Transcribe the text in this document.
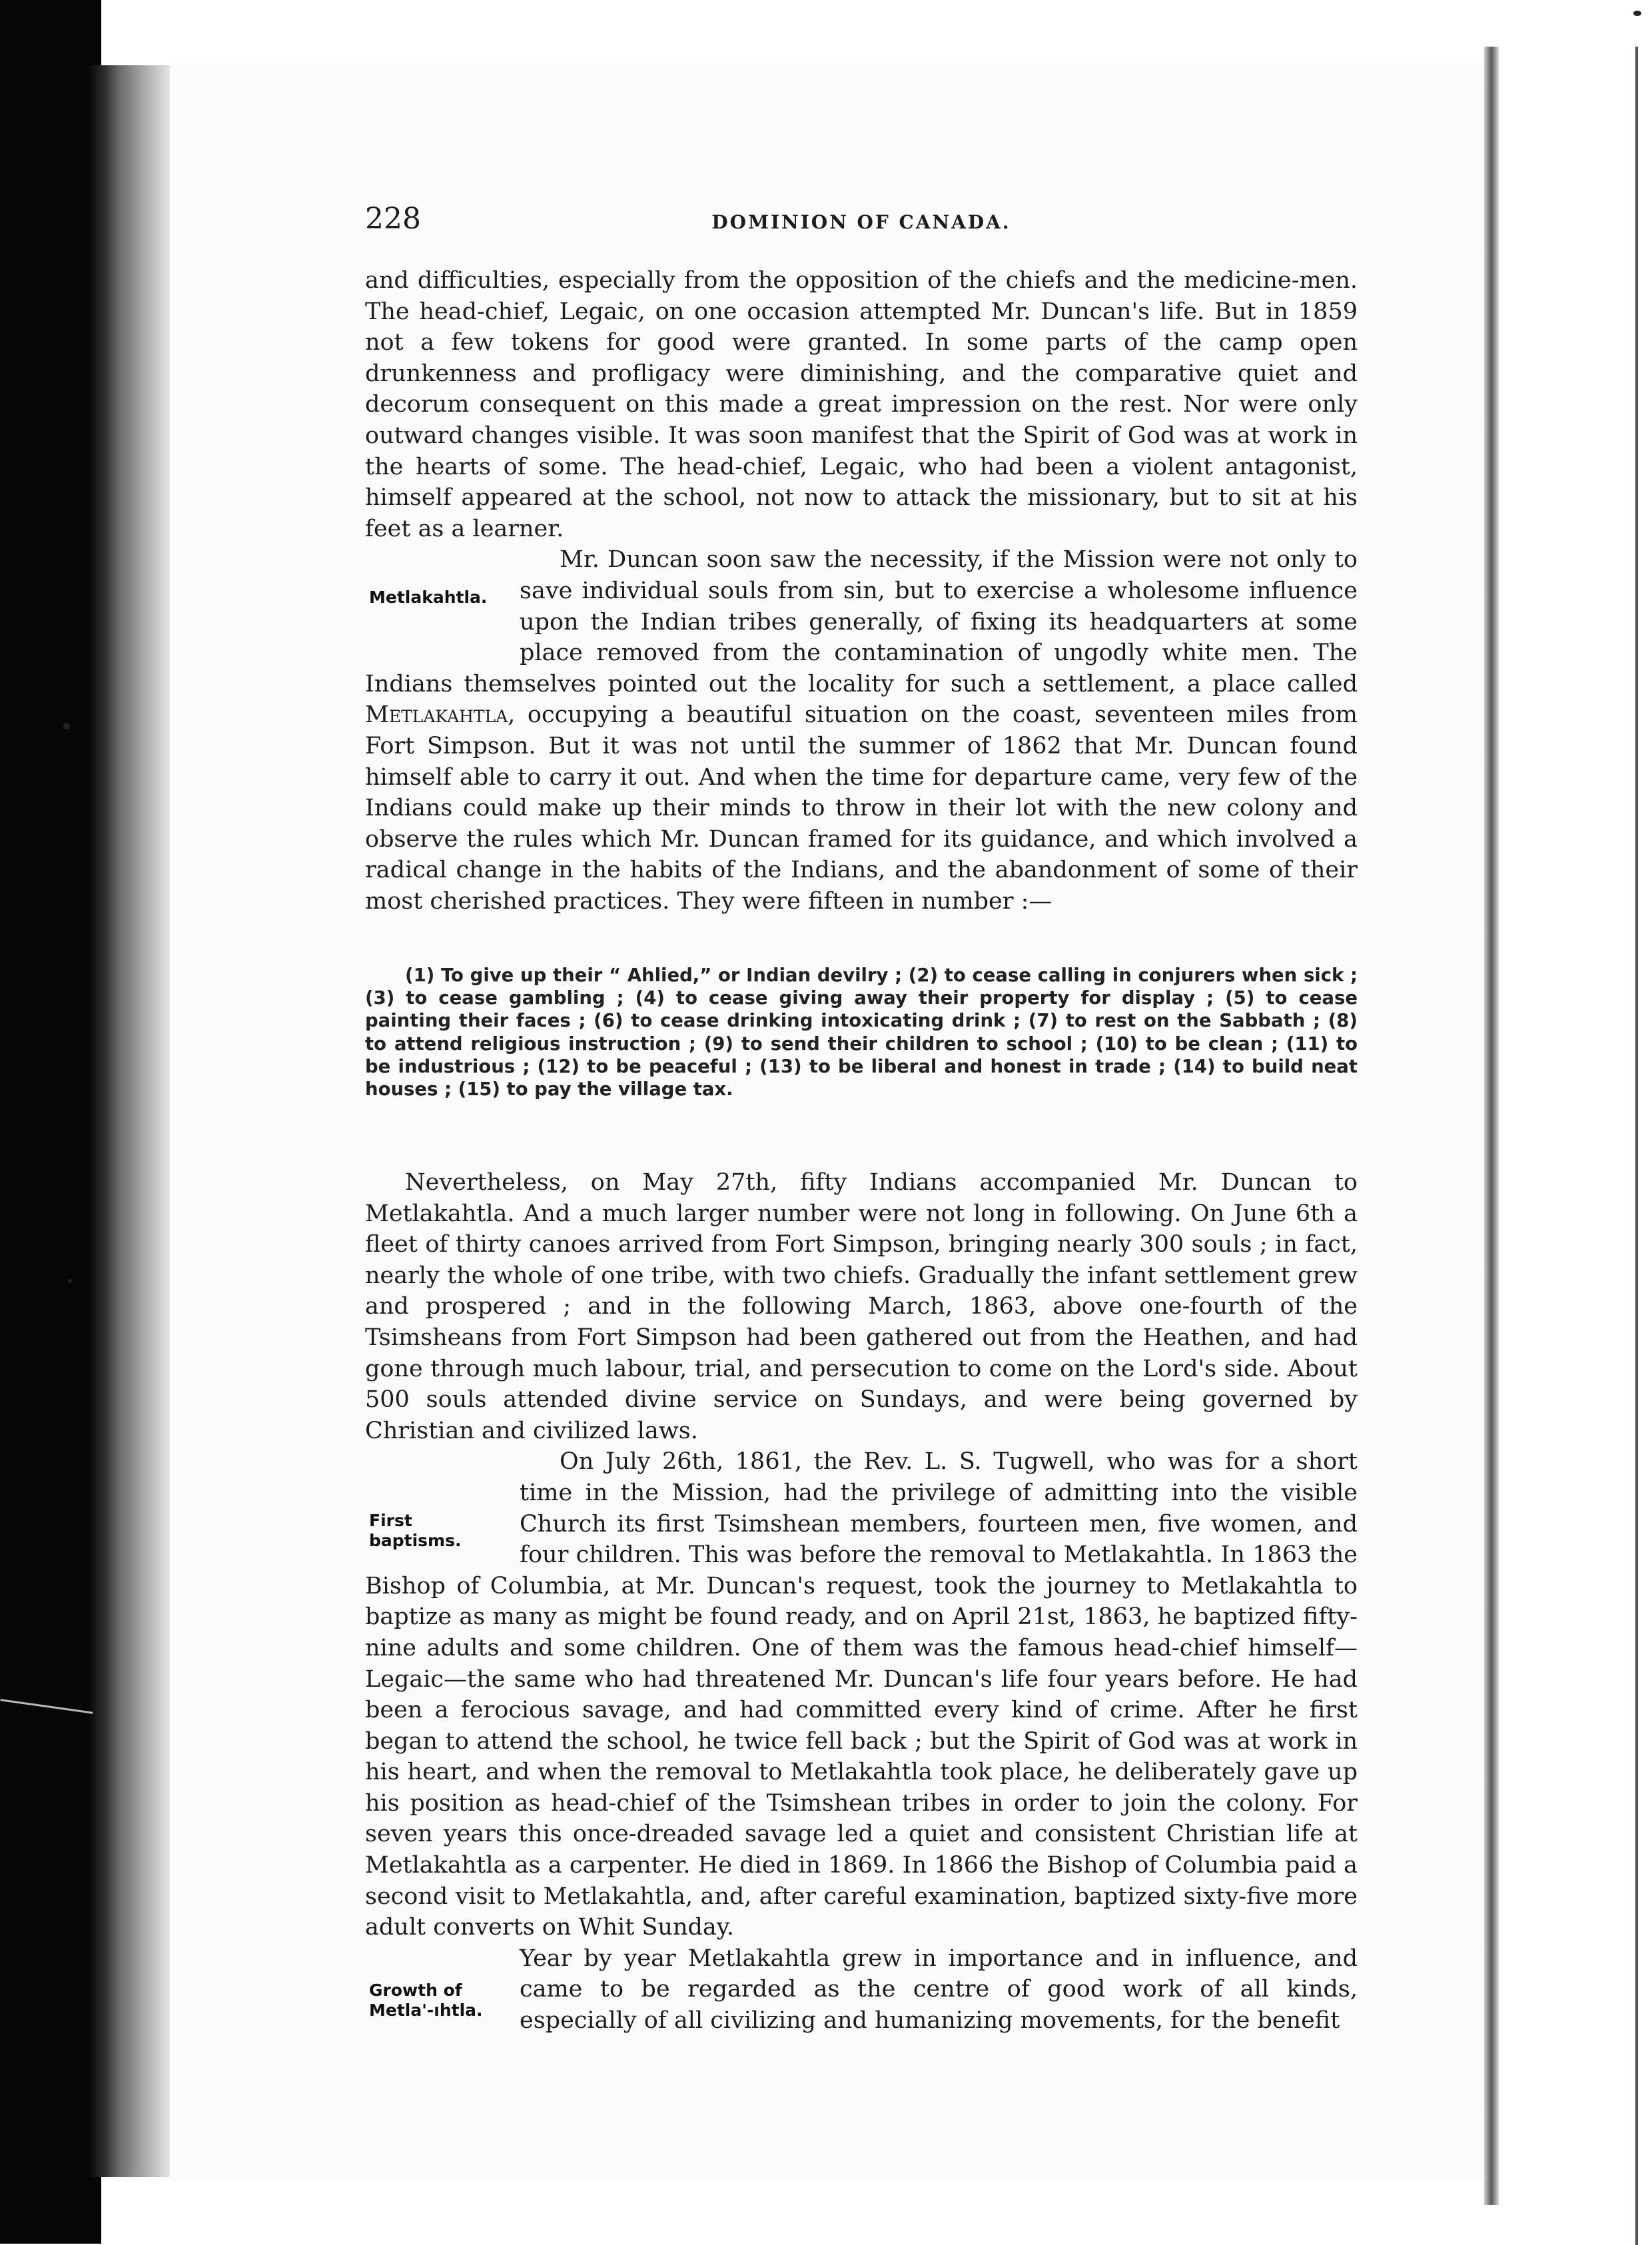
228	DOMINION OF CANADA.
Metlakahtla.
First
baptisms.
Growth of
Metla'-ıhtla.

and difficulties, especially from the opposition of the chiefs and the medicine-men. The head-chief, Legaic, on one occasion attempted Mr. Duncan's life. But in 1859 not a few tokens for good were granted. In some parts of the camp open drunkenness and profligacy were diminishing, and the comparative quiet and decorum consequent on this made a great impression on the rest. Nor were only outward changes visible. It was soon manifest that the Spirit of God was at work in the hearts of some. The head-chief, Legaic, who had been a violent antagonist, himself appeared at the school, not now to attack the missionary, but to sit at his feet as a learner.

Mr. Duncan soon saw the necessity, if the Mission were not only to save individual souls from sin, but to exercise a wholesome influence upon the Indian tribes generally, of fixing its headquarters at some place removed from the contamination of ungodly white men. The Indians themselves pointed out the locality for such a settlement, a place called Metlakahtla, occupying a beautiful situation on the coast, seventeen miles from Fort Simpson. But it was not until the summer of 1862 that Mr. Duncan found himself able to carry it out. And when the time for departure came, very few of the Indians could make up their minds to throw in their lot with the new colony and observe the rules which Mr. Duncan framed for its guidance, and which involved a radical change in the habits of the Indians, and the abandonment of some of their most cherished practices. They were fifteen in number :—

(1) To give up their “ Ahlied,” or Indian devilry ; (2) to cease calling in conjurers when sick ; (3) to cease gambling ; (4) to cease giving away their property for display ; (5) to cease painting their faces ; (6) to cease drinking intoxicating drink ; (7) to rest on the Sabbath ; (8) to attend religious instruction ; (9) to send their children to school ; (10) to be clean ; (11) to be industrious ; (12) to be peaceful ; (13) to be liberal and honest in trade ; (14) to build neat houses ; (15) to pay the village tax.

Nevertheless, on May 27th, fifty Indians accompanied Mr. Duncan to Metlakahtla. And a much larger number were not long in following. On June 6th a fleet of thirty canoes arrived from Fort Simpson, bringing nearly 300 souls ; in fact, nearly the whole of one tribe, with two chiefs. Gradually the infant settlement grew and prospered ; and in the following March, 1863, above one-fourth of the Tsimsheans from Fort Simpson had been gathered out from the Heathen, and had gone through much labour, trial, and persecution to come on the Lord's side. About 500 souls attended divine service on Sundays, and were being governed by Christian and civilized laws.

On July 26th, 1861, the Rev. L. S. Tugwell, who was for a short time in the Mission, had the privilege of admitting into the visible Church its first Tsimshean members, fourteen men, five women, and four children. This was before the removal to Metlakahtla. In 1863 the Bishop of Columbia, at Mr. Duncan's request, took the journey to Metlakahtla to baptize as many as might be found ready, and on April 21st, 1863, he baptized fifty-nine adults and some children. One of them was the famous head-chief himself—Legaic—the same who had threatened Mr. Duncan's life four years before. He had been a ferocious savage, and had committed every kind of crime. After he first began to attend the school, he twice fell back ; but the Spirit of God was at work in his heart, and when the removal to Metlakahtla took place, he deliberately gave up his position as head-chief of the Tsimshean tribes in order to join the colony. For seven years this once-dreaded savage led a quiet and consistent Christian life at Metlakahtla as a carpenter. He died in 1869. In 1866 the Bishop of Columbia paid a second visit to Metlakahtla, and, after careful examination, baptized sixty-five more adult converts on Whit Sunday.

Year by year Metlakahtla grew in importance and in influence, and came to be regarded as the centre of good work of all kinds, especially of all civilizing and humanizing movements, for the benefit
